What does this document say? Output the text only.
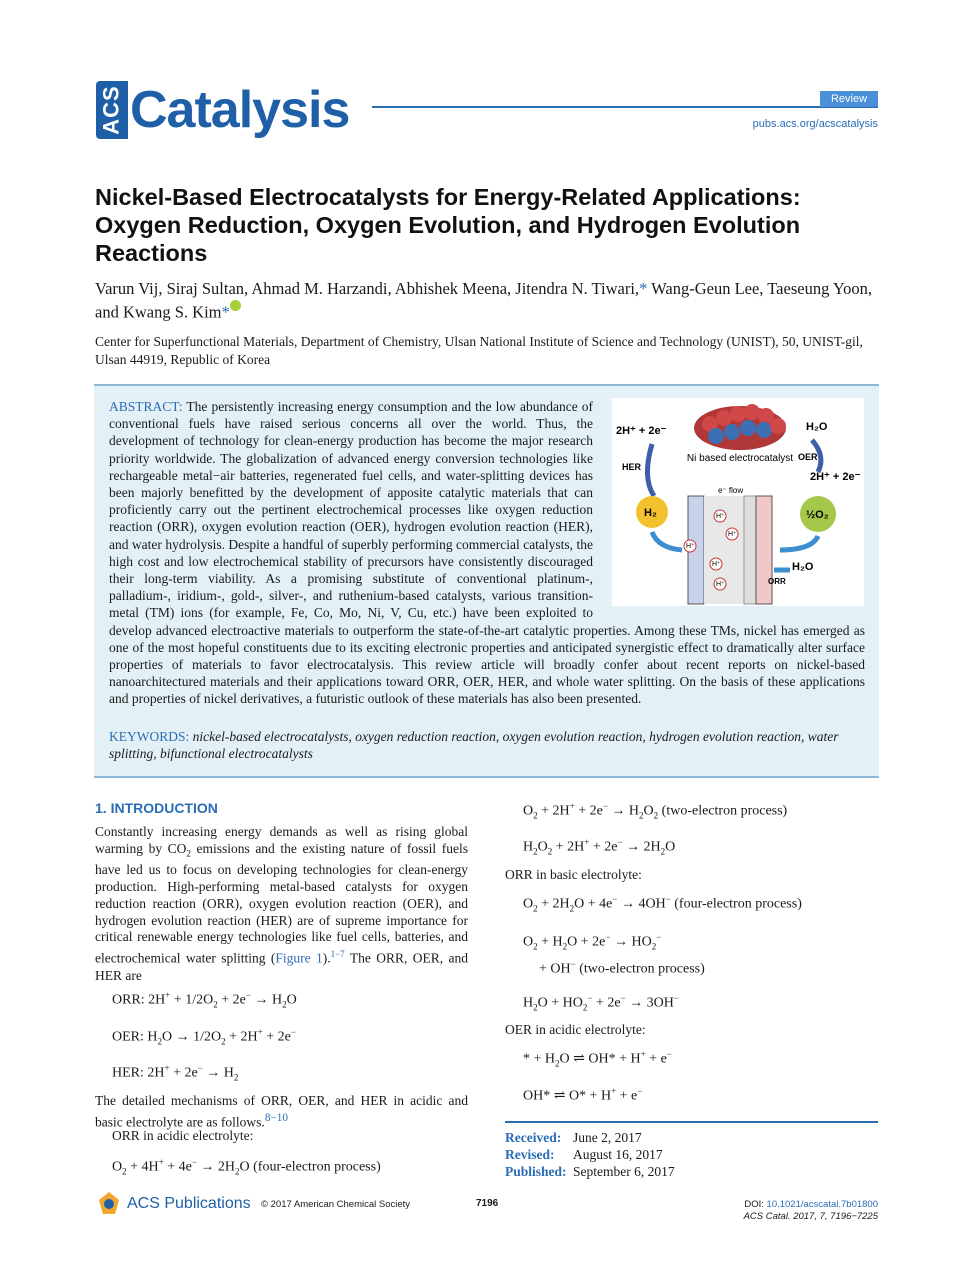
ACS Catalysis	Review
pubs.acs.org/acscatalysis
Nickel-Based Electrocatalysts for Energy-Related Applications: Oxygen Reduction, Oxygen Evolution, and Hydrogen Evolution Reactions
Varun Vij, Siraj Sultan, Ahmad M. Harzandi, Abhishek Meena, Jitendra N. Tiwari,* Wang-Geun Lee, Taeseung Yoon, and Kwang S. Kim*
Center for Superfunctional Materials, Department of Chemistry, Ulsan National Institute of Science and Technology (UNIST), 50, UNIST-gil, Ulsan 44919, Republic of Korea
ABSTRACT: The persistently increasing energy consumption and the low abundance of conventional fuels have raised serious concerns all over the world. Thus, the development of technology for clean-energy production has become the major research priority worldwide. The globalization of advanced energy conversion technologies like rechargeable metal−air batteries, regenerated fuel cells, and water-splitting devices has been majorly benefitted by the development of apposite catalytic materials that can proficiently carry out the pertinent electrochemical processes like oxygen reduction reaction (ORR), oxygen evolution reaction (OER), hydrogen evolution reaction (HER), and water hydrolysis. Despite a handful of superbly performing commercial catalysts, the high cost and low electrochemical stability of precursors have consistently discouraged their long-term viability. As a promising substitute of conventional platinum-, palladium-, iridium-, gold-, silver-, and ruthenium-based catalysts, various transition-metal (TM) ions (for example, Fe, Co, Mo, Ni, V, Cu, etc.) have been exploited to develop advanced electroactive materials to outperform the state-of-the-art catalytic properties. Among these TMs, nickel has emerged as one of the most hopeful constituents due to its exciting electronic properties and anticipated synergistic effect to dramatically alter surface properties of materials to favor electrocatalysis. This review article will broadly confer about recent reports on nickel-based nanoarchitectured materials and their applications toward ORR, OER, HER, and whole water splitting. On the basis of these applications and properties of nickel derivatives, a futuristic outlook of these materials has also been presented.
KEYWORDS: nickel-based electrocatalysts, oxygen reduction reaction, oxygen evolution reaction, hydrogen evolution reaction, water splitting, bifunctional electrocatalysts
Ni based electrocatalyst
2H⁺ + 2e⁻	H₂O
HER
OER
2H⁺ + 2e⁻
e⁻ flow
H⁺
H⁺
H⁺
H⁺
H⁺
H₂	½O₂
H₂O
ORR
1. INTRODUCTION
Constantly increasing energy demands as well as rising global warming by $CO_2$ emissions and the existing nature of fossil fuels have led us to focus on developing technologies for clean-energy production. High-performing metal-based catalysts for oxygen reduction reaction (ORR), oxygen evolution reaction (OER), and hydrogen evolution reaction (HER) are of supreme importance for critical renewable energy technologies like fuel cells, batteries, and electrochemical water splitting (Figure 1).$^{1-7}$ The ORR, OER, and HER are
ORR: $2H^+ + 1/2O_2 + 2e^- \to H_2O$
OER: $H_2O \to 1/2O_2 + 2H^+ + 2e^-$
HER: $2H^+ + 2e^- \to H_2$
The detailed mechanisms of ORR, OER, and HER in acidic and basic electrolyte are as follows.$^{8-10}$
ORR in acidic electrolyte:
$O_2 + 4H^+ + 4e^- \to 2H_2O$ (four-electron process)
$O_2 + 2H^+ + 2e^- \to H_2O_2$ (two-electron process)
$H_2O_2 + 2H^+ + 2e^- \to 2H_2O$
ORR in basic electrolyte:
$O_2 + 2H_2O + 4e^- \to 4OH^-$ (four-electron process)
$O_2 + H_2O + 2e^- \to HO_2^-$
+ OH− (two-electron process)
$H_2O + HO_2^- + 2e^- \to 3OH^-$
OER in acidic electrolyte:
* + $H_2O$ ⇌ OH* + H+ + e−
OH* ⇌ O* + H+ + e−
Received: June 2, 2017
Revised:	August 16, 2017
Published: September 6, 2017
ACS Publications © 2017 American Chemical Society	7196	DOI: 10.1021/acscatal.7b01800
ACS Catal. 2017, 7, 7196−7225
